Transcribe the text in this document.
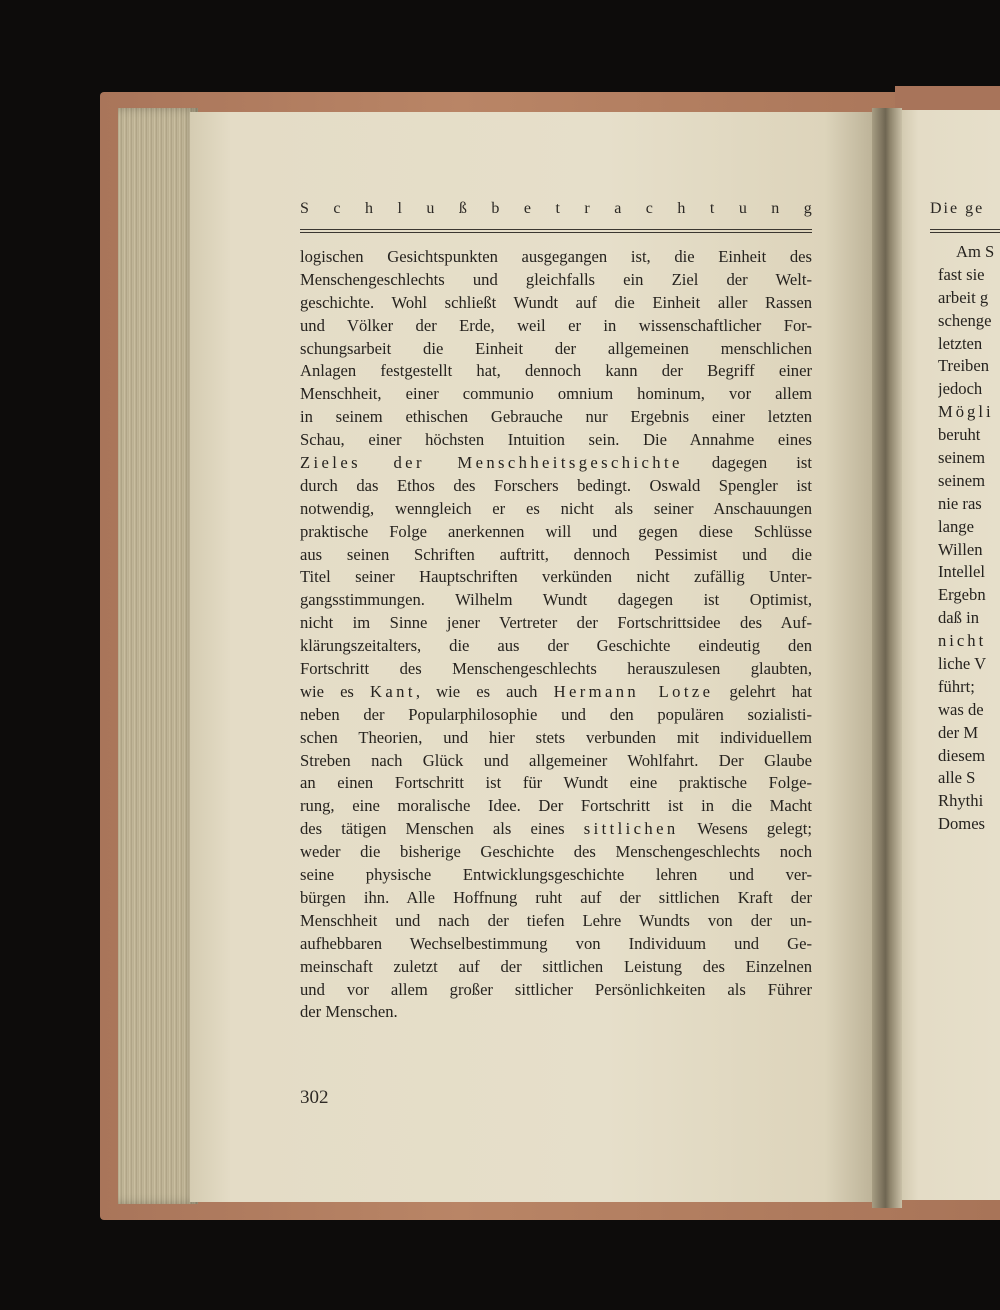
S c h l u ß b e t r a c h t u n g
logischen Gesichtspunkten ausgegangen ist, die Einheit des
Menschengeschlechts und gleichfalls ein Ziel der Welt-
geschichte. Wohl schließt Wundt auf die Einheit aller Rassen
und Völker der Erde, weil er in wissenschaftlicher For-
schungsarbeit die Einheit der allgemeinen menschlichen
Anlagen festgestellt hat, dennoch kann der Begriff einer
Menschheit, einer communio omnium hominum, vor allem
in seinem ethischen Gebrauche nur Ergebnis einer letzten
Schau, einer höchsten Intuition sein. Die Annahme eines
Zieles der Menschheitsgeschichte dagegen ist
durch das Ethos des Forschers bedingt. Oswald Spengler ist
notwendig, wenngleich er es nicht als seiner Anschauungen
praktische Folge anerkennen will und gegen diese Schlüsse
aus seinen Schriften auftritt, dennoch Pessimist und die
Titel seiner Hauptschriften verkünden nicht zufällig Unter-
gangsstimmungen. Wilhelm Wundt dagegen ist Optimist,
nicht im Sinne jener Vertreter der Fortschrittsidee des Auf-
klärungszeitalters, die aus der Geschichte eindeutig den
Fortschritt des Menschengeschlechts herauszulesen glaubten,
wie es Kant, wie es auch Hermann Lotze gelehrt hat
neben der Popularphilosophie und den populären sozialisti-
schen Theorien, und hier stets verbunden mit individuellem
Streben nach Glück und allgemeiner Wohlfahrt. Der Glaube
an einen Fortschritt ist für Wundt eine praktische Folge-
rung, eine moralische Idee. Der Fortschritt ist in die Macht
des tätigen Menschen als eines sittlichen Wesens gelegt;
weder die bisherige Geschichte des Menschengeschlechts noch
seine physische Entwicklungsgeschichte lehren und ver-
bürgen ihn. Alle Hoffnung ruht auf der sittlichen Kraft der
Menschheit und nach der tiefen Lehre Wundts von der un-
aufhebbaren Wechselbestimmung von Individuum und Ge-
meinschaft zuletzt auf der sittlichen Leistung des Einzelnen
und vor allem großer sittlicher Persönlichkeiten als Führer
der Menschen.
302
Die ge
Am S
fast sie
arbeit g
schenge
letzten
Treiben
jedoch
Mögli
beruht
seinem
seinem
nie ras
lange
Willen
Intellel
Ergebn
daß in
nicht
liche V
führt;
was de
der M
diesem
alle S
Rhythi
Domes
